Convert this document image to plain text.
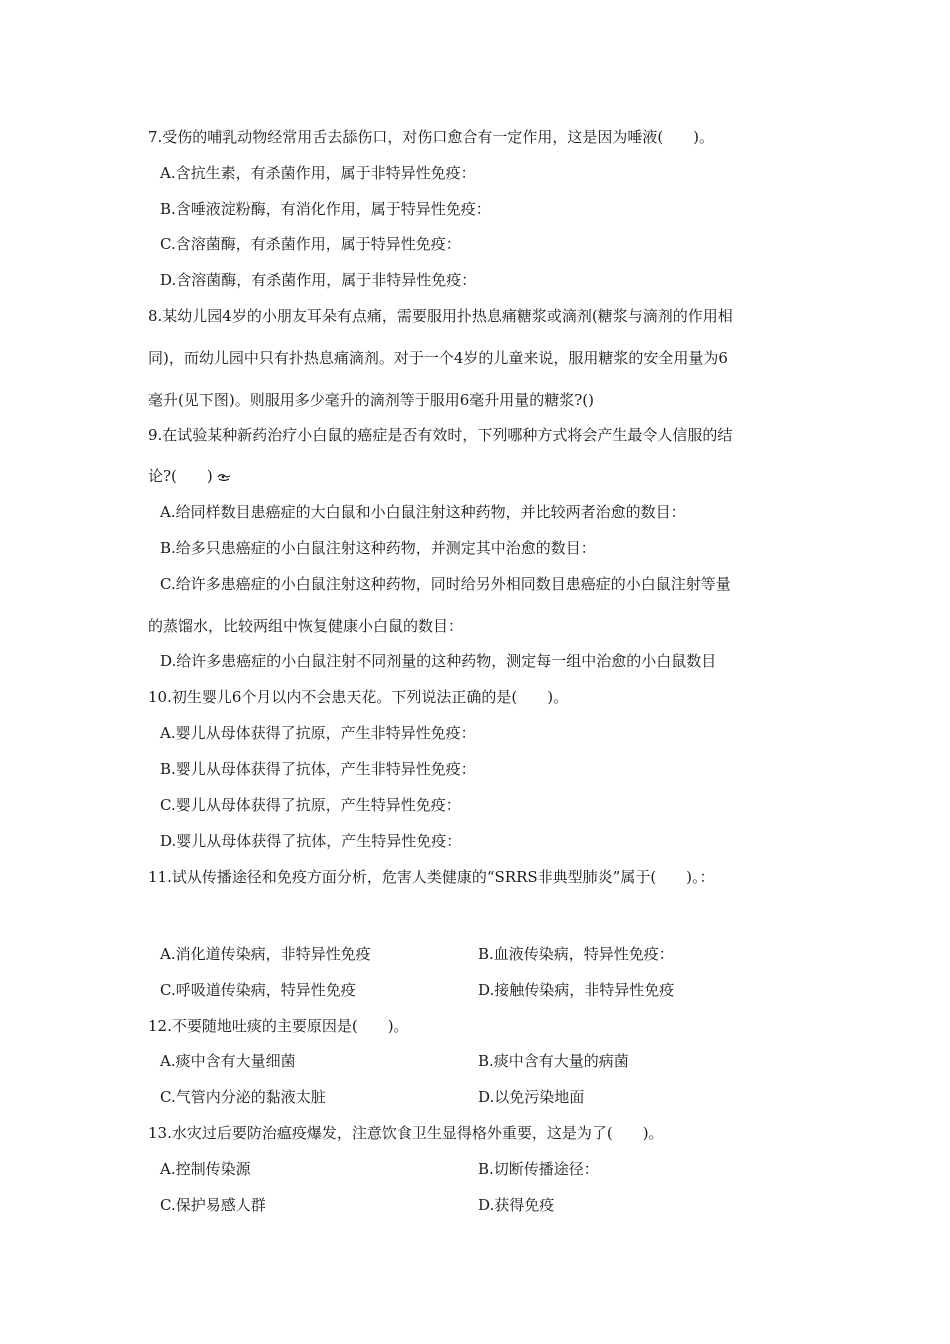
7.受伤的哺乳动物经常用舌去舔伤口，对伤口愈合有一定作用，这是因为唾液(　　)。
A.含抗生素，有杀菌作用，属于非特异性免疫：
B.含唾液淀粉酶，有消化作用，属于特异性免疫：
C.含溶菌酶，有杀菌作用，属于特异性免疫：
D.含溶菌酶，有杀菌作用，属于非特异性免疫：
8.某幼儿园4岁的小朋友耳朵有点痛，需要服用扑热息痛糖浆或滴剂(糖浆与滴剂的作用相
同)，而幼儿园中只有扑热息痛滴剂。对于一个4岁的儿童来说，服用糖浆的安全用量为6
毫升(见下图)。则服用多少毫升的滴剂等于服用6毫升用量的糖浆?()
9.在试验某种新药治疗小白鼠的癌症是否有效时，下列哪种方式将会产生最令人信服的结
论?(　　)
A.给同样数目患癌症的大白鼠和小白鼠注射这种药物，并比较两者治愈的数目：
B.给多只患癌症的小白鼠注射这种药物，并测定其中治愈的数目：
C.给许多患癌症的小白鼠注射这种药物，同时给另外相同数目患癌症的小白鼠注射等量
的蒸馏水，比较两组中恢复健康小白鼠的数目：
D.给许多患癌症的小白鼠注射不同剂量的这种药物，测定每一组中治愈的小白鼠数目
10.初生婴儿6个月以内不会患天花。下列说法正确的是(　　)。
A.婴儿从母体获得了抗原，产生非特异性免疫：
B.婴儿从母体获得了抗体，产生非特异性免疫：
C.婴儿从母体获得了抗原，产生特异性免疫：
D.婴儿从母体获得了抗体，产生特异性免疫：
11.试从传播途径和免疫方面分析，危害人类健康的“SRRS非典型肺炎”属于(　　)。：
A.消化道传染病，非特异性免疫	B.血液传染病，特异性免疫：
C.呼吸道传染病，特异性免疫	D.接触传染病，非特异性免疫
12.不要随地吐痰的主要原因是(　　)。
A.痰中含有大量细菌	B.痰中含有大量的病菌
C.气管内分泌的黏液太脏	D.以免污染地面
13.水灾过后要防治瘟疫爆发，注意饮食卫生显得格外重要，这是为了(　　)。
A.控制传染源	B.切断传播途径：
C.保护易感人群	D.获得免疫
